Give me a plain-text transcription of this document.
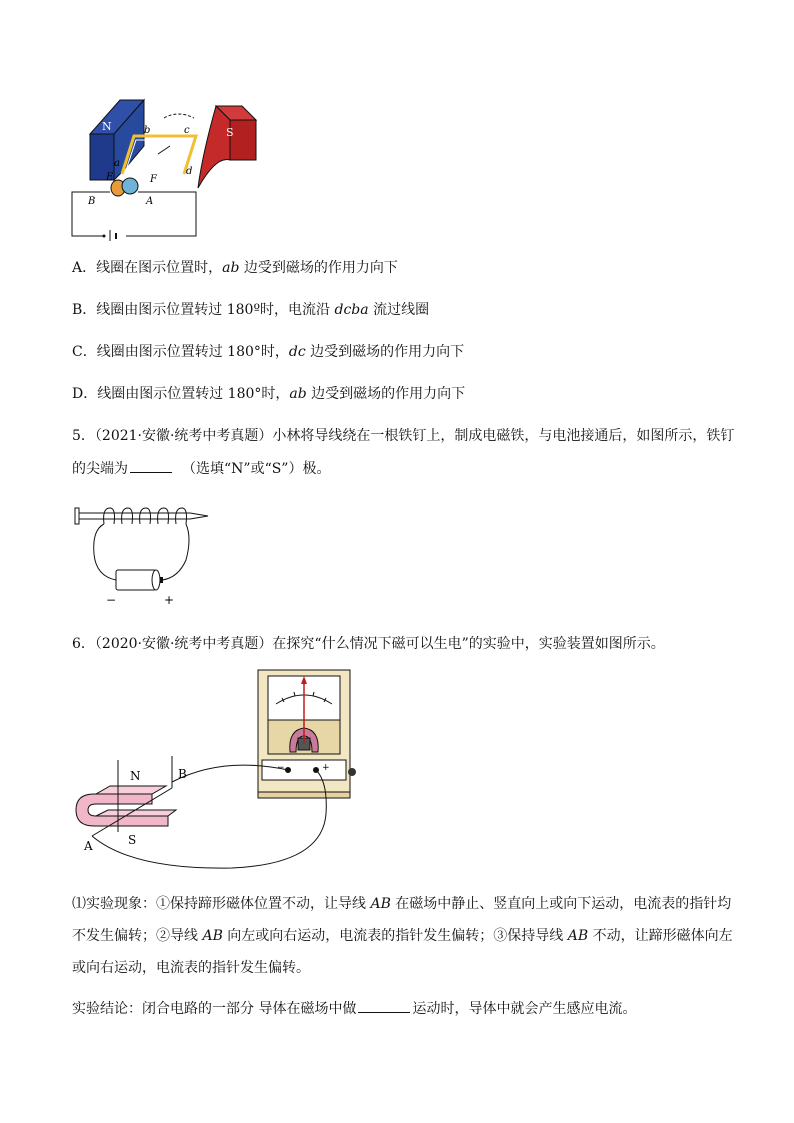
N	S
b	c
a
d
E	F
B	A
A．线圈在图示位置时，ab 边受到磁场的作用力向下
B．线圈由图示位置转过 180º时，电流沿 dcba 流过线圈
C．线圈由图示位置转过 180°时，dc 边受到磁场的作用力向下
D．线圈由图示位置转过 180°时，ab 边受到磁场的作用力向下
5．（2021·安徽·统考中考真题）小林将导线绕在一根铁钉上，制成电磁铁，与电池接通后，如图所示，铁钉
的尖端为	（选填“N”或“S”）极。
−	+
6．（2020·安徽·统考中考真题）在探究“什么情况下磁可以生电”的实验中，实验装置如图所示。
−	+
N
S
B
A
⑴实验现象：①保持蹄形磁体位置不动，让导线 AB 在磁场中静止、竖直向上或向下运动，电流表的指针均
不发生偏转；②导线 AB 向左或向右运动，电流表的指针发生偏转；③保持导线 AB 不动，让蹄形磁体向左
或向右运动，电流表的指针发生偏转。
实验结论：闭合电路的一部分 导体在磁场中做	运动时，导体中就会产生感应电流。
